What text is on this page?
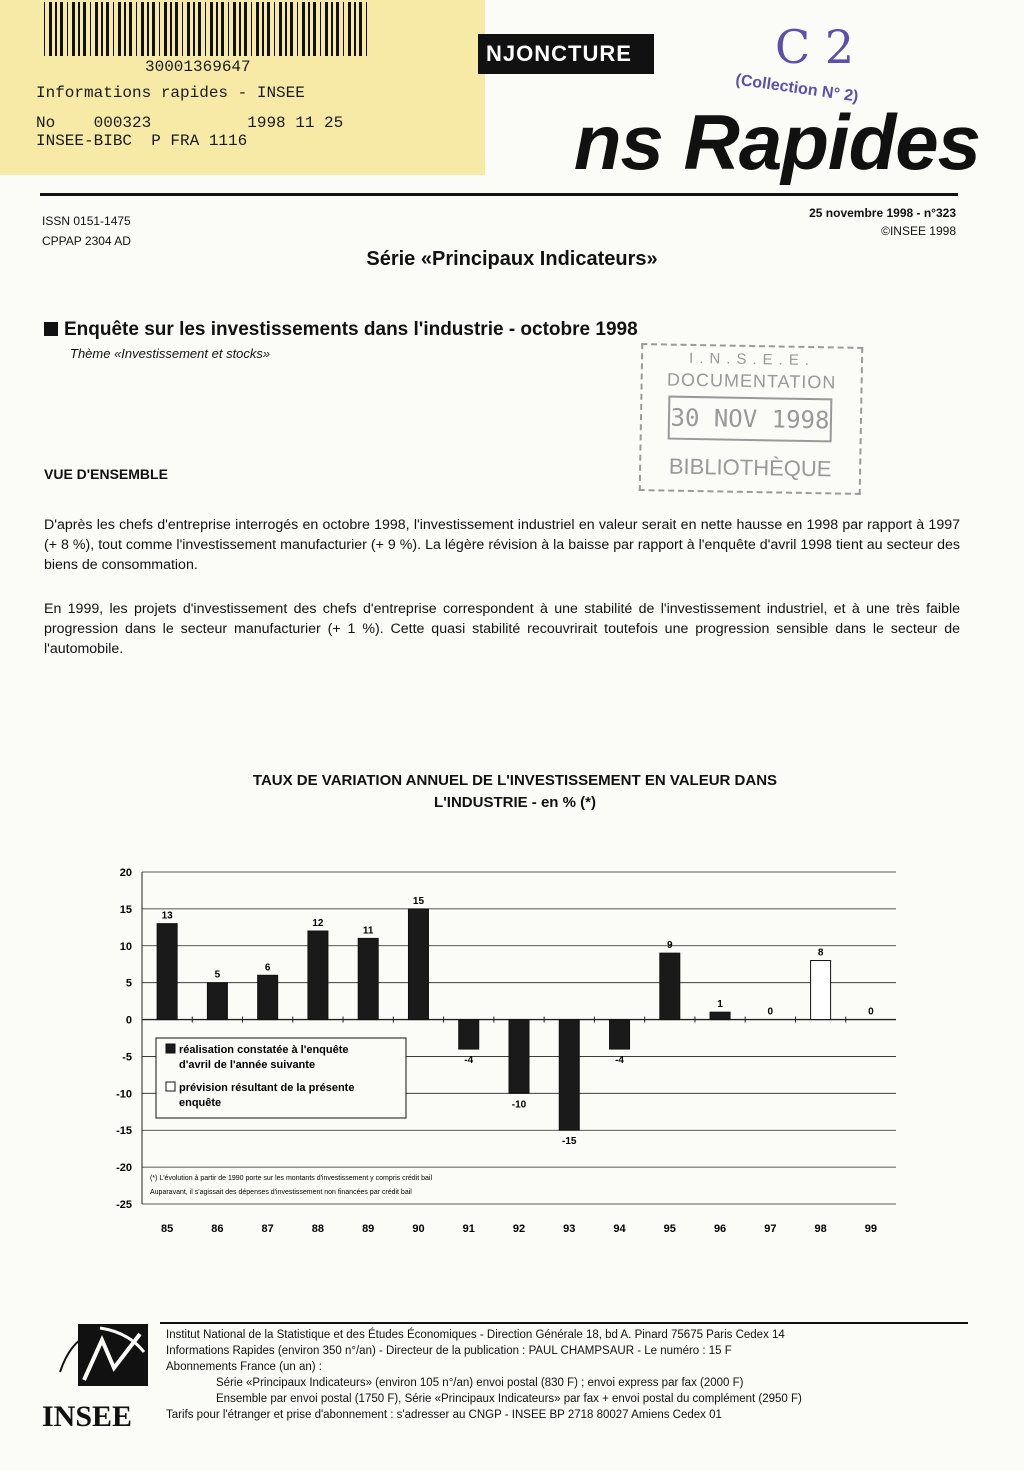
30001369647
Informations rapides - INSEE
No    000323          1998 11 25
INSEE-BIBC  P FRA 1116
NJONCTURE
ns Rapides
C 2
(Collection N° 2)
ISSN 0151-1475
CPPAP 2304 AD
25 novembre 1998 - n°323
©INSEE 1998
Série «Principaux Indicateurs»
Enquête sur les investissements dans l'industrie - octobre 1998
Thème «Investissement et stocks»	I.N.S.E.E.
DOCUMENTATION
30 NOV 1998
BIBLIOTHÈQUE
VUE D'ENSEMBLE
D'après les chefs d'entreprise interrogés en octobre 1998, l'investissement industriel en valeur serait en nette hausse en 1998 par rapport à 1997 (+ 8 %), tout comme l'investissement manufacturier (+ 9 %). La légère révision à la baisse par rapport à l'enquête d'avril 1998 tient au secteur des biens de consommation.
En 1999, les projets d'investissement des chefs d'entreprise correspondent à une stabilité de l'investissement industriel, et à une très faible progression dans le secteur manufacturier (+ 1 %). Cette quasi stabilité recouvrirait toutefois une progression sensible dans le secteur de l'automobile.
TAUX DE VARIATION ANNUEL DE L'INVESTISSEMENT EN VALEUR DANS
L'INDUSTRIE - en % (*)
20
15
10
5
0
-5
-10
-15
-20
-25
13
85
5
86
6
87
12
88
11
89
15
90
-4
91
-10
92
-15
93
-4
94
9
95
1
96
0
97
8
98
0
99
réalisation constatée à l'enquête
d'avril de l'année suivante
prévision résultant de la présente
enquête
(*) L'évolution à partir de 1990 porte sur les montants d'investissement y compris crédit bail
Auparavant, il s'agissait des dépenses d'investissement non financées par crédit bail
INSEE
Institut National de la Statistique et des Études Économiques - Direction Générale 18, bd A. Pinard 75675 Paris Cedex 14
Informations Rapides (environ 350 n°/an) - Directeur de la publication : PAUL CHAMPSAUR - Le numéro : 15 F
Abonnements France (un an) :
Série «Principaux Indicateurs» (environ 105 n°/an) envoi postal (830 F) ; envoi express par fax (2000 F)
Ensemble par envoi postal (1750 F), Série «Principaux Indicateurs» par fax + envoi postal du complément (2950 F)
Tarifs pour l'étranger et prise d'abonnement : s'adresser au CNGP - INSEE BP 2718 80027 Amiens Cedex 01
